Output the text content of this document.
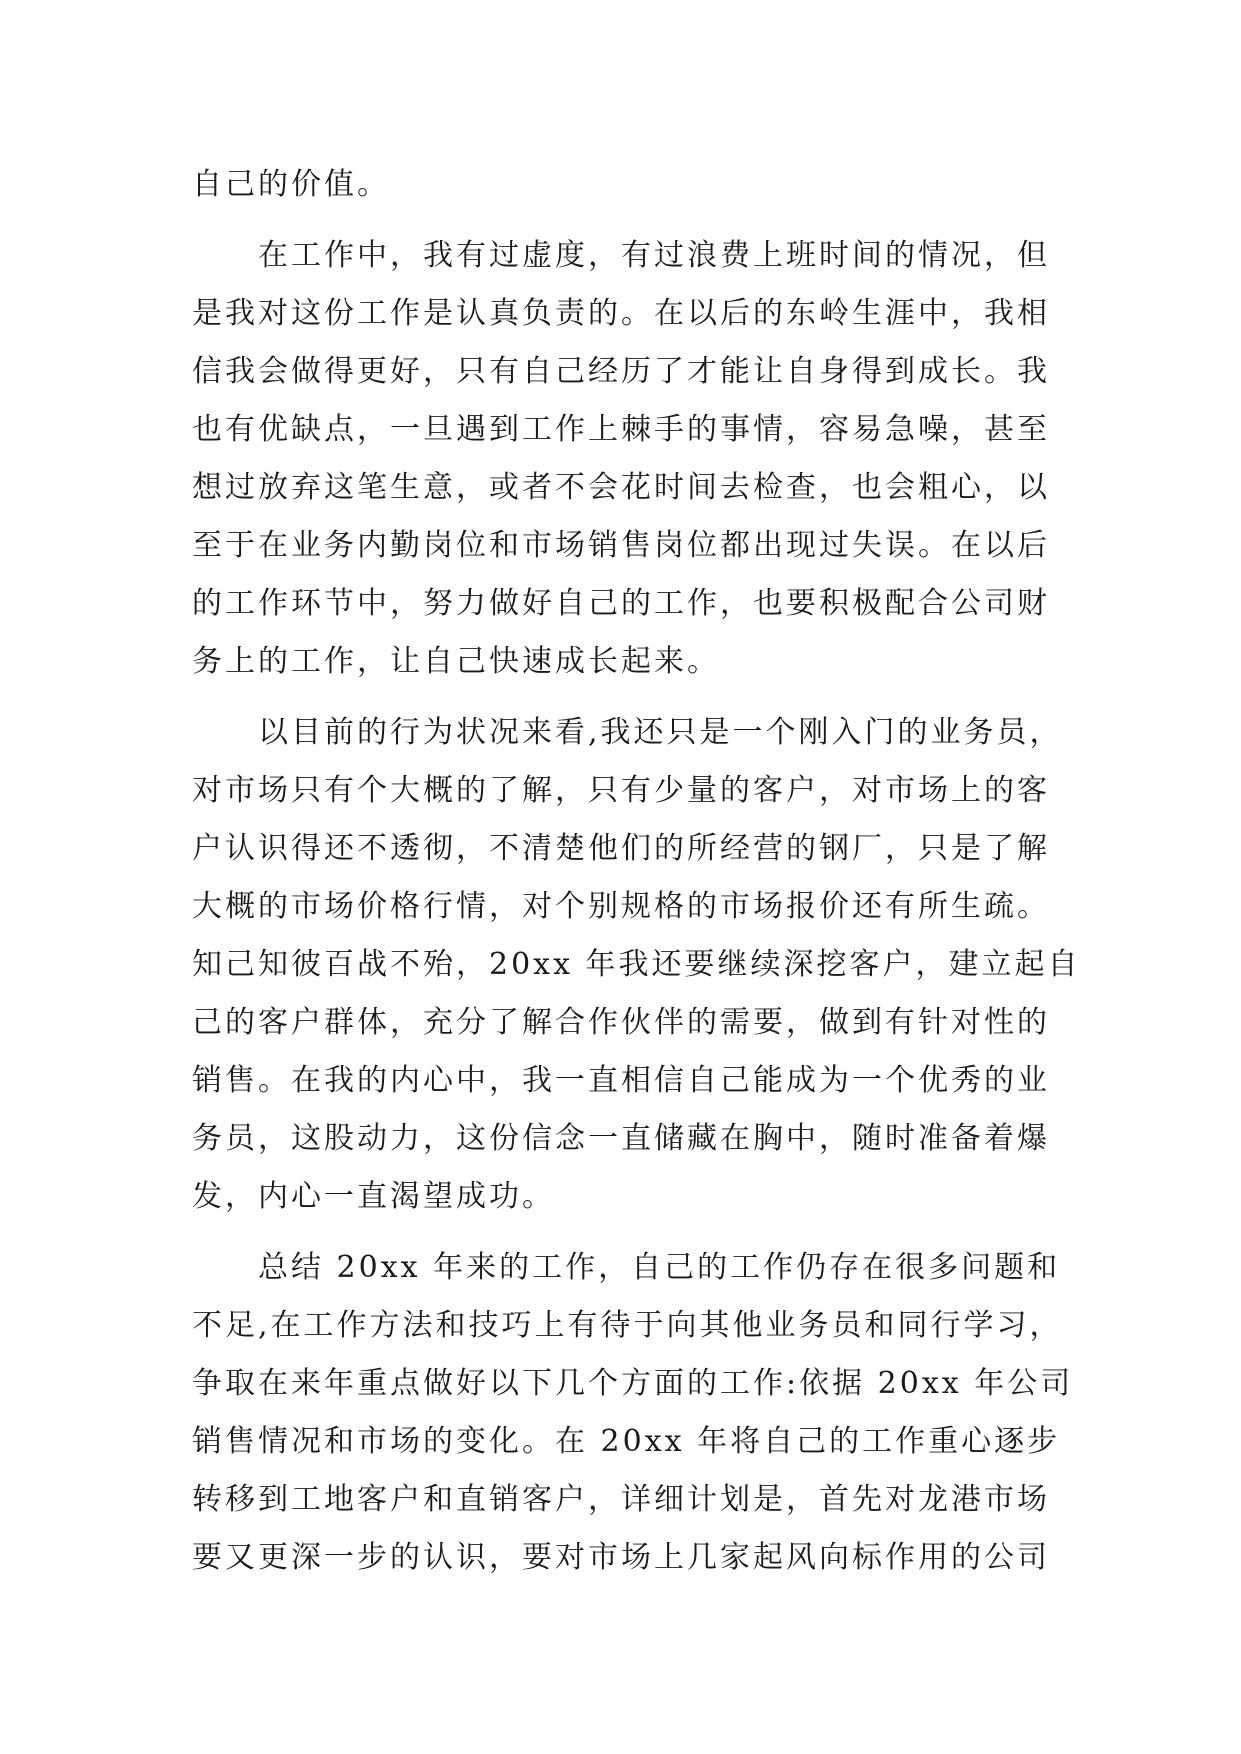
自己的价值。
在工作中，我有过虚度，有过浪费上班时间的情况，但
是我对这份工作是认真负责的。在以后的东岭生涯中，我相
信我会做得更好，只有自己经历了才能让自身得到成长。我
也有优缺点，一旦遇到工作上棘手的事情，容易急噪，甚至
想过放弃这笔生意，或者不会花时间去检查，也会粗心，以
至于在业务内勤岗位和市场销售岗位都出现过失误。在以后
的工作环节中，努力做好自己的工作，也要积极配合公司财
务上的工作，让自己快速成长起来。
以目前的行为状况来看,我还只是一个刚入门的业务员，
对市场只有个大概的了解，只有少量的客户，对市场上的客
户认识得还不透彻，不清楚他们的所经营的钢厂，只是了解
大概的市场价格行情，对个别规格的市场报价还有所生疏。
知己知彼百战不殆，20xx 年我还要继续深挖客户，建立起自
己的客户群体，充分了解合作伙伴的需要，做到有针对性的
销售。在我的内心中，我一直相信自己能成为一个优秀的业
务员，这股动力，这份信念一直储藏在胸中，随时准备着爆
发，内心一直渴望成功。
总结 20xx 年来的工作，自己的工作仍存在很多问题和
不足,在工作方法和技巧上有待于向其他业务员和同行学习，
争取在来年重点做好以下几个方面的工作:依据 20xx 年公司
销售情况和市场的变化。在 20xx 年将自己的工作重心逐步
转移到工地客户和直销客户，详细计划是，首先对龙港市场
要又更深一步的认识，要对市场上几家起风向标作用的公司
